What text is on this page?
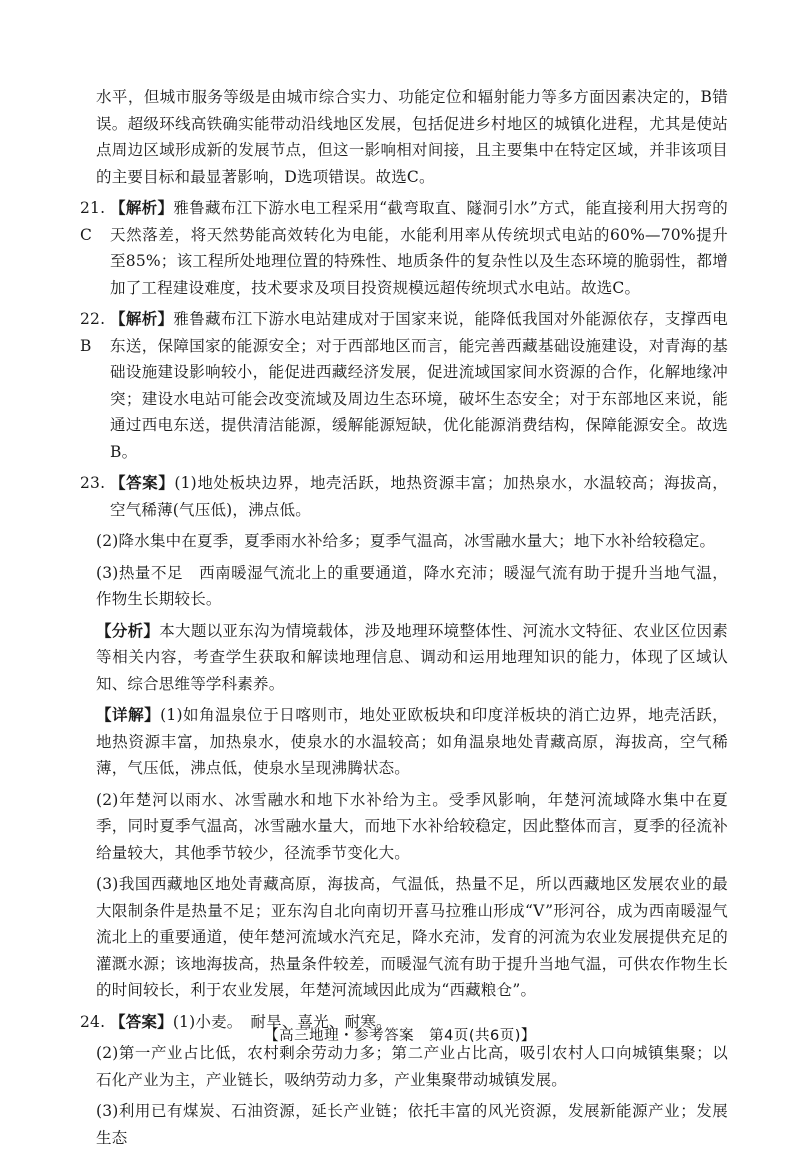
水平，但城市服务等级是由城市综合实力、功能定位和辐射能力等多方面因素决定的，B错误。超级环线高铁确实能带动沿线地区发展，包括促进乡村地区的城镇化进程，尤其是使站点周边区域形成新的发展节点，但这一影响相对间接，且主要集中在特定区域，并非该项目的主要目标和最显著影响，D选项错误。故选C。

21. C
【解析】雅鲁藏布江下游水电工程采用“截弯取直、隧洞引水”方式，能直接利用大拐弯的天然落差，将天然势能高效转化为电能，水能利用率从传统坝式电站的60%—70%提升至85%；该工程所处地理位置的特殊性、地质条件的复杂性以及生态环境的脆弱性，都增加了工程建设难度，技术要求及项目投资规模远超传统坝式水电站。故选C。
22. B
【解析】雅鲁藏布江下游水电站建成对于国家来说，能降低我国对外能源依存，支撑西电东送，保障国家的能源安全；对于西部地区而言，能完善西藏基础设施建设，对青海的基础设施建设影响较小，能促进西藏经济发展，促进流域国家间水资源的合作，化解地缘冲突；建设水电站可能会改变流域及周边生态环境，破坏生态安全；对于东部地区来说，能通过西电东送，提供清洁能源，缓解能源短缺，优化能源消费结构，保障能源安全。故选B。
23. 【答案】(1)地处板块边界，地壳活跃，地热资源丰富；加热泉水，水温较高；海拔高，空气稀薄(气压低)，沸点低。

(2)降水集中在夏季，夏季雨水补给多；夏季气温高，冰雪融水量大；地下水补给较稳定。

(3)热量不足　西南暖湿气流北上的重要通道，降水充沛；暖湿气流有助于提升当地气温，作物生长期较长。

【分析】本大题以亚东沟为情境载体，涉及地理环境整体性、河流水文特征、农业区位因素等相关内容，考查学生获取和解读地理信息、调动和运用地理知识的能力，体现了区域认知、综合思维等学科素养。

【详解】(1)如角温泉位于日喀则市，地处亚欧板块和印度洋板块的消亡边界，地壳活跃，地热资源丰富，加热泉水，使泉水的水温较高；如角温泉地处青藏高原，海拔高，空气稀薄，气压低，沸点低，使泉水呈现沸腾状态。

(2)年楚河以雨水、冰雪融水和地下水补给为主。受季风影响，年楚河流域降水集中在夏季，同时夏季气温高，冰雪融水量大，而地下水补给较稳定，因此整体而言，夏季的径流补给量较大，其他季节较少，径流季节变化大。

(3)我国西藏地区地处青藏高原，海拔高，气温低，热量不足，所以西藏地区发展农业的最大限制条件是热量不足；亚东沟自北向南切开喜马拉雅山形成“V”形河谷，成为西南暖湿气流北上的重要通道，使年楚河流域水汽充足，降水充沛，发育的河流为农业发展提供充足的灌溉水源；该地海拔高，热量条件较差，而暖湿气流有助于提升当地气温，可供农作物生长的时间较长，利于农业发展，年楚河流域因此成为“西藏粮仓”。

24. 【答案】(1)小麦。　耐旱、喜光、耐寒。

(2)第一产业占比低，农村剩余劳动力多；第二产业占比高，吸引农村人口向城镇集聚；以石化产业为主，产业链长，吸纳劳动力多，产业集聚带动城镇发展。

(3)利用已有煤炭、石油资源，延长产业链；依托丰富的风光资源，发展新能源产业；发展生态

【高三地理・参考答案　第4页(共6页)】
